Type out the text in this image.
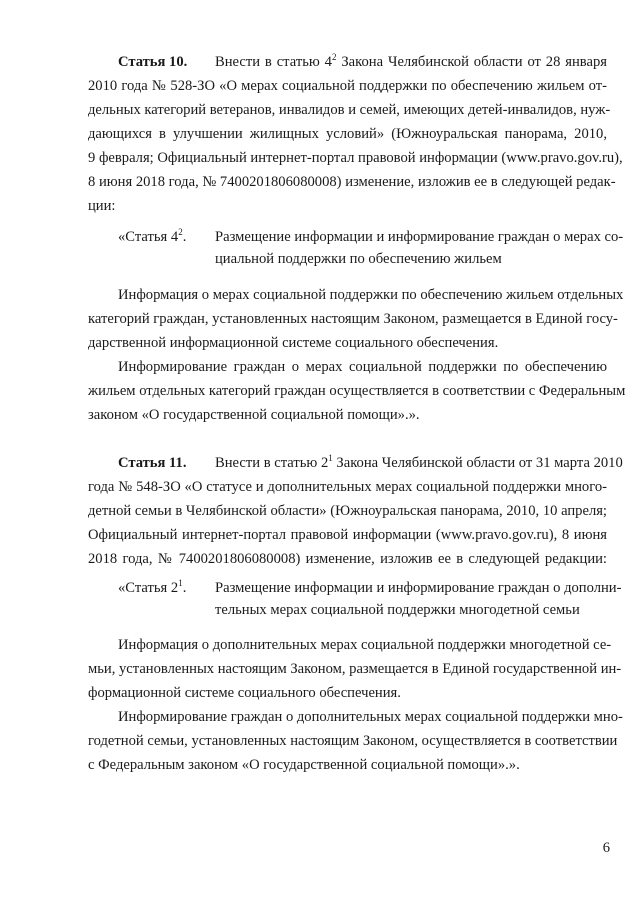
Статья 10. Внести в статью $4^2$ Закона Челябинской области от 28 января
2010 года № 528-ЗО «О мерах социальной поддержки по обеспечению жильем от-
дельных категорий ветеранов, инвалидов и семей, имеющих детей-инвалидов, нуж-
дающихся в улучшении жилищных условий» (Южноуральская панорама, 2010,
9 февраля; Официальный интернет-портал правовой информации (www.pravo.gov.ru),
8 июня 2018 года, № 7400201806080008) изменение, изложив ее в следующей редак-
ции:
«Статья $4^2$. Размещение информации и информирование граждан о мерах со-
циальной поддержки по обеспечению жильем
Информация о мерах социальной поддержки по обеспечению жильем отдельных
категорий граждан, установленных настоящим Законом, размещается в Единой госу-
дарственной информационной системе социального обеспечения.
Информирование граждан о мерах социальной поддержки по обеспечению
жильем отдельных категорий граждан осуществляется в соответствии с Федеральным
законом «О государственной социальной помощи».».
Статья 11. Внести в статью $2^1$ Закона Челябинской области от 31 марта 2010
года № 548-ЗО «О статусе и дополнительных мерах социальной поддержки много-
детной семьи в Челябинской области» (Южноуральская панорама, 2010, 10 апреля;
Официальный интернет-портал правовой информации (www.pravo.gov.ru), 8 июня
2018 года, № 7400201806080008) изменение, изложив ее в следующей редакции:
«Статья $2^1$. Размещение информации и информирование граждан о дополни-
тельных мерах социальной поддержки многодетной семьи
Информация о дополнительных мерах социальной поддержки многодетной се-
мьи, установленных настоящим Законом, размещается в Единой государственной ин-
формационной системе социального обеспечения.
Информирование граждан о дополнительных мерах социальной поддержки мно-
годетной семьи, установленных настоящим Законом, осуществляется в соответствии
с Федеральным законом «О государственной социальной помощи».».
6
